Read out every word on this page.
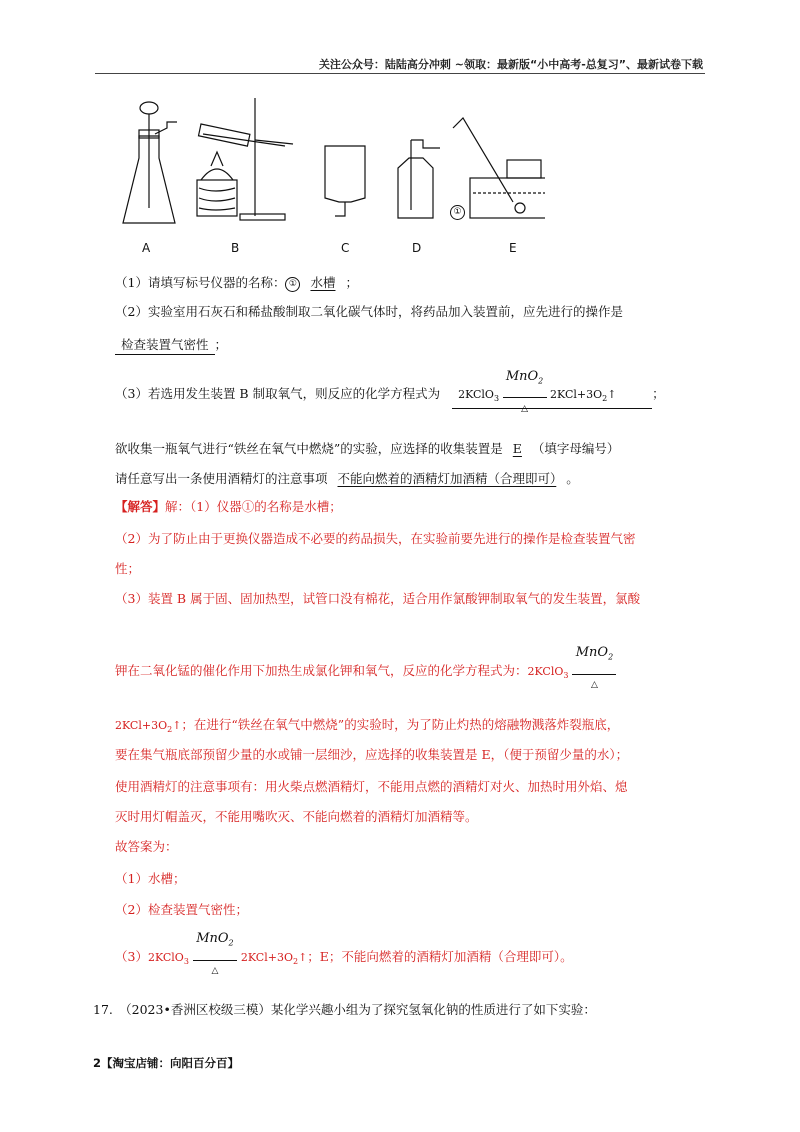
关注公众号：陆陆高分冲刺 ~领取：最新版“小中高考-总复习”、最新试卷下载
A	B	C	D	E
①
（1）请填写标号仪器的名称： ① 水槽 ；
（2）实验室用石灰石和稀盐酸制取二氧化碳气体时，将药品加入装置前，应先进行的操作是
检查装置气密性 ；
（3）若选用发生装置 B 制取氧气，则反应的化学方程式为 2KClO$_3$
MnO$_2$
△
$2KCl+3O_2↑$	；
欲收集一瓶氧气进行“铁丝在氧气中燃烧”的实验，应选择的收集装置是 E （填字母编号）
请任意写出一条使用酒精灯的注意事项 不能向燃着的酒精灯加酒精（合理即可） 。
【解答】解：（1）仪器①的名称是水槽；
（2）为了防止由于更换仪器造成不必要的药品损失，在实验前要先进行的操作是检查装置气密
性；
（3）装置 B 属于固、固加热型，试管口没有棉花，适合用作氯酸钾制取氧气的发生装置，氯酸
钾在二氧化锰的催化作用下加热生成氯化钾和氧气，反应的化学方程式为：2KClO$_3$
MnO$_2$
△
$2KCl+3O_2↑$；在进行“铁丝在氧气中燃烧”的实验时，为了防止灼热的熔融物溅落炸裂瓶底，
要在集气瓶底部预留少量的水或铺一层细沙，应选择的收集装置是 E，（便于预留少量的水）；
使用酒精灯的注意事项有：用火柴点燃酒精灯，不能用点燃的酒精灯对火、加热时用外焰、熄
灭时用灯帽盖灭，不能用嘴吹灭、不能向燃着的酒精灯加酒精等。
故答案为：
（1）水槽；
（2）检查装置气密性；
（3）2KClO$_3$
MnO$_2$
△
$2KCl+3O_2↑$；E；不能向燃着的酒精灯加酒精（合理即可）。
17.　（2023•香洲区校级三模）某化学兴趣小组为了探究氢氧化钠的性质进行了如下实验：
2【淘宝店铺：向阳百分百】
